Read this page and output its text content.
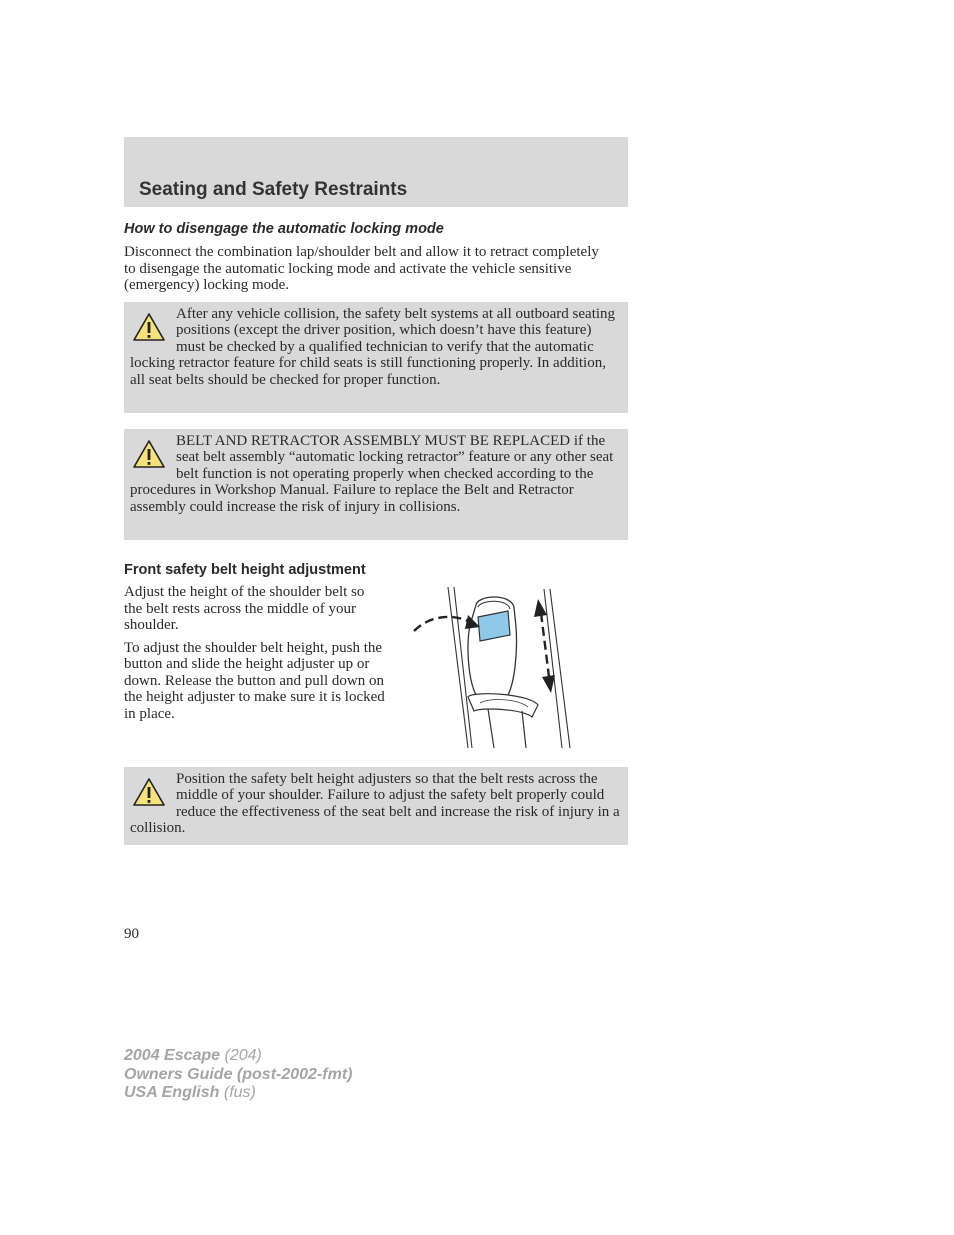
Seating and Safety Restraints
How to disengage the automatic locking mode

Disconnect the combination lap/shoulder belt and allow it to retract completely to disengage the automatic locking mode and activate the vehicle sensitive (emergency) locking mode.

After any vehicle collision, the safety belt systems at all outboard seating positions (except the driver position, which doesn’t have this feature) must be checked by a qualified technician to verify that the automatic locking retractor feature for child seats is still functioning properly. In addition, all seat belts should be checked for proper function.

BELT AND RETRACTOR ASSEMBLY MUST BE REPLACED if the seat belt assembly “automatic locking retractor” feature or any other seat belt function is not operating properly when checked according to the procedures in Workshop Manual. Failure to replace the Belt and Retractor assembly could increase the risk of injury in collisions.

Front safety belt height adjustment

Adjust the height of the shoulder belt so the belt rests across the middle of your shoulder.

To adjust the shoulder belt height, push the button and slide the height adjuster up or down. Release the button and pull down on the height adjuster to make sure it is locked in place.

Position the safety belt height adjusters so that the belt rests across the middle of your shoulder. Failure to adjust the safety belt properly could reduce the effectiveness of the seat belt and increase the risk of injury in a collision.

90

2004 Escape (204)
Owners Guide (post-2002-fmt)
USA English (fus)
